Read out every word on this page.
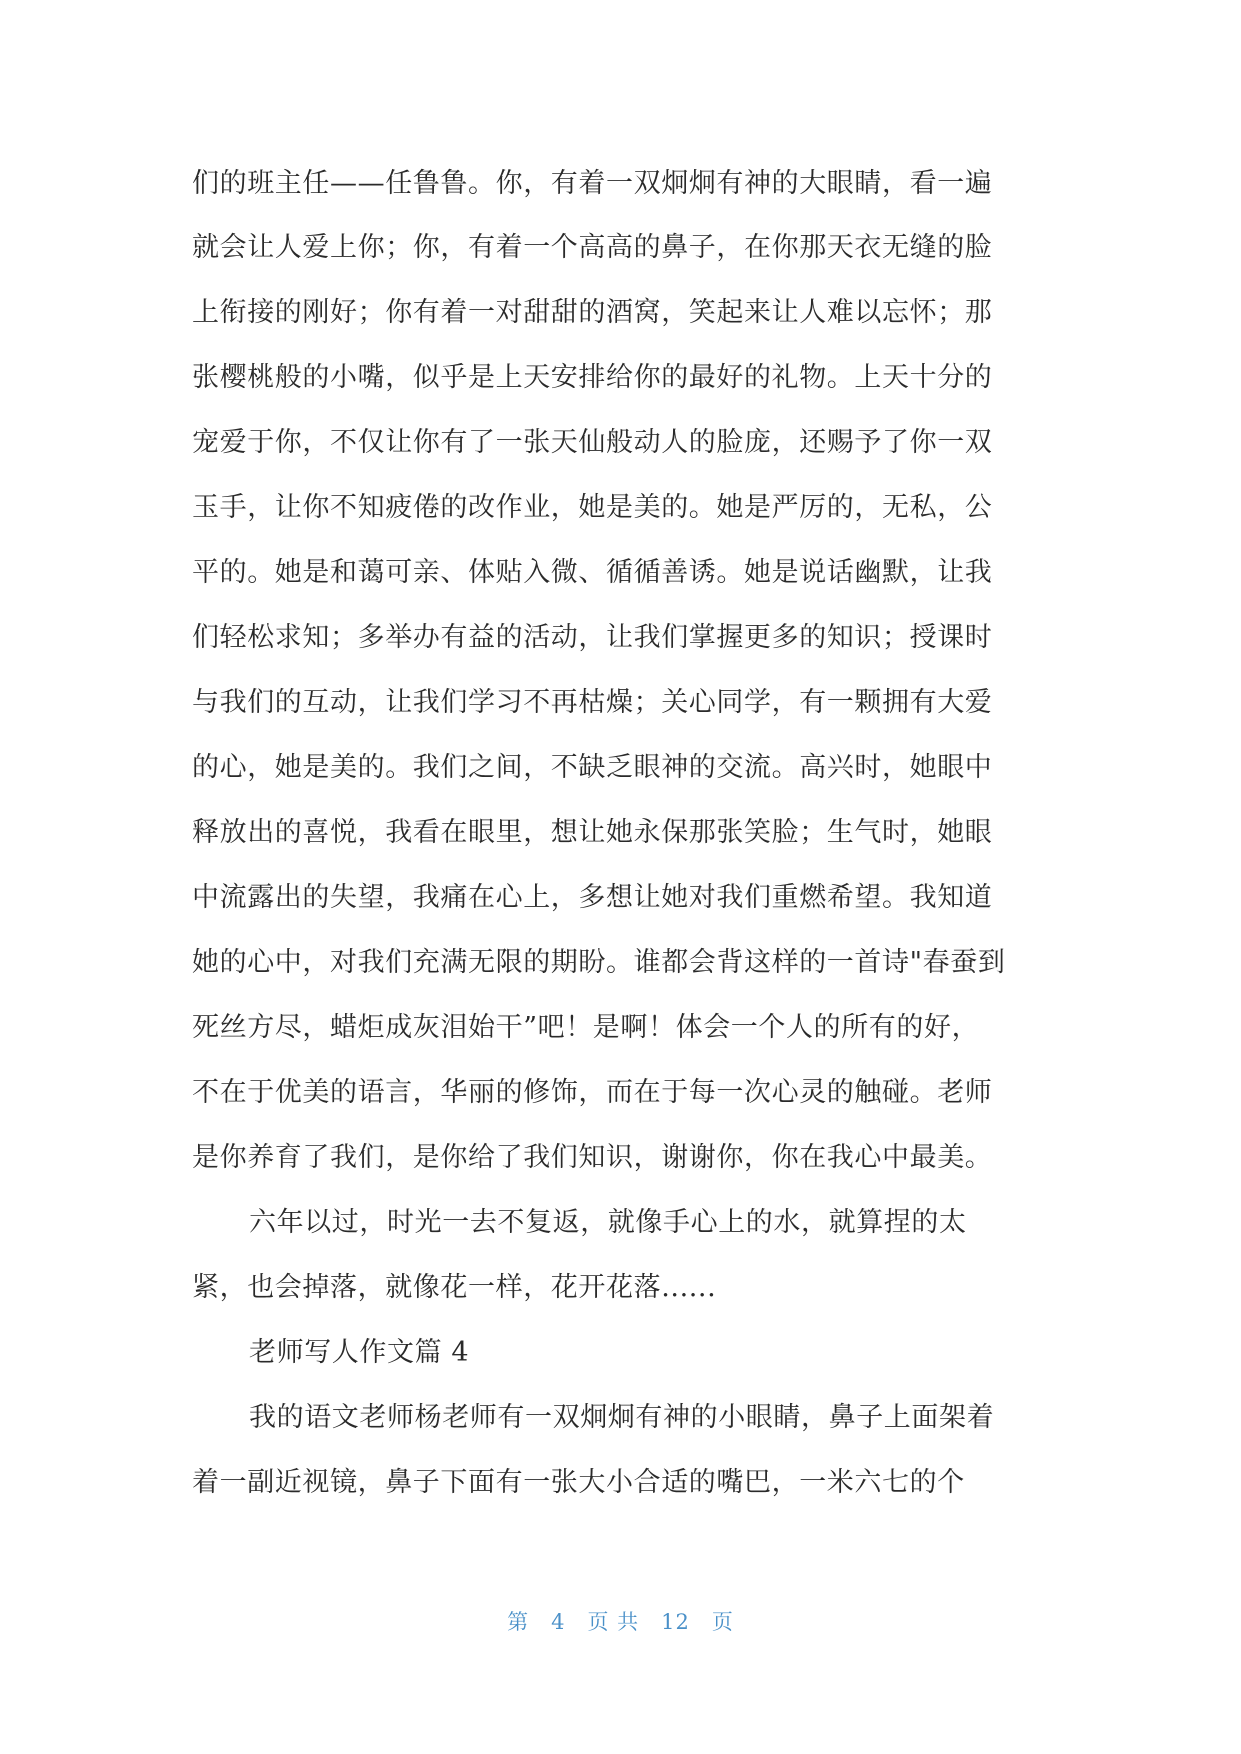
们的班主任——任鲁鲁。你，有着一双炯炯有神的大眼睛，看一遍
就会让人爱上你；你，有着一个高高的鼻子，在你那天衣无缝的脸
上衔接的刚好；你有着一对甜甜的酒窝，笑起来让人难以忘怀；那
张樱桃般的小嘴，似乎是上天安排给你的最好的礼物。上天十分的
宠爱于你，不仅让你有了一张天仙般动人的脸庞，还赐予了你一双
玉手，让你不知疲倦的改作业，她是美的。她是严厉的，无私，公
平的。她是和蔼可亲、体贴入微、循循善诱。她是说话幽默，让我
们轻松求知；多举办有益的活动，让我们掌握更多的知识；授课时
与我们的互动，让我们学习不再枯燥；关心同学，有一颗拥有大爱
的心，她是美的。我们之间，不缺乏眼神的交流。高兴时，她眼中
释放出的喜悦，我看在眼里，想让她永保那张笑脸；生气时，她眼
中流露出的失望，我痛在心上，多想让她对我们重燃希望。我知道
她的心中，对我们充满无限的期盼。谁都会背这样的一首诗"春蚕到
死丝方尽，蜡炬成灰泪始干”吧！是啊！体会一个人的所有的好，
不在于优美的语言，华丽的修饰，而在于每一次心灵的触碰。老师
是你养育了我们，是你给了我们知识，谢谢你，你在我心中最美。
六年以过，时光一去不复返，就像手心上的水，就算捏的太
紧，也会掉落，就像花一样，花开花落......
老师写人作文篇 4
我的语文老师杨老师有一双炯炯有神的小眼睛，鼻子上面架着
着一副近视镜，鼻子下面有一张大小合适的嘴巴，一米六七的个
第 4 页 共 12 页
